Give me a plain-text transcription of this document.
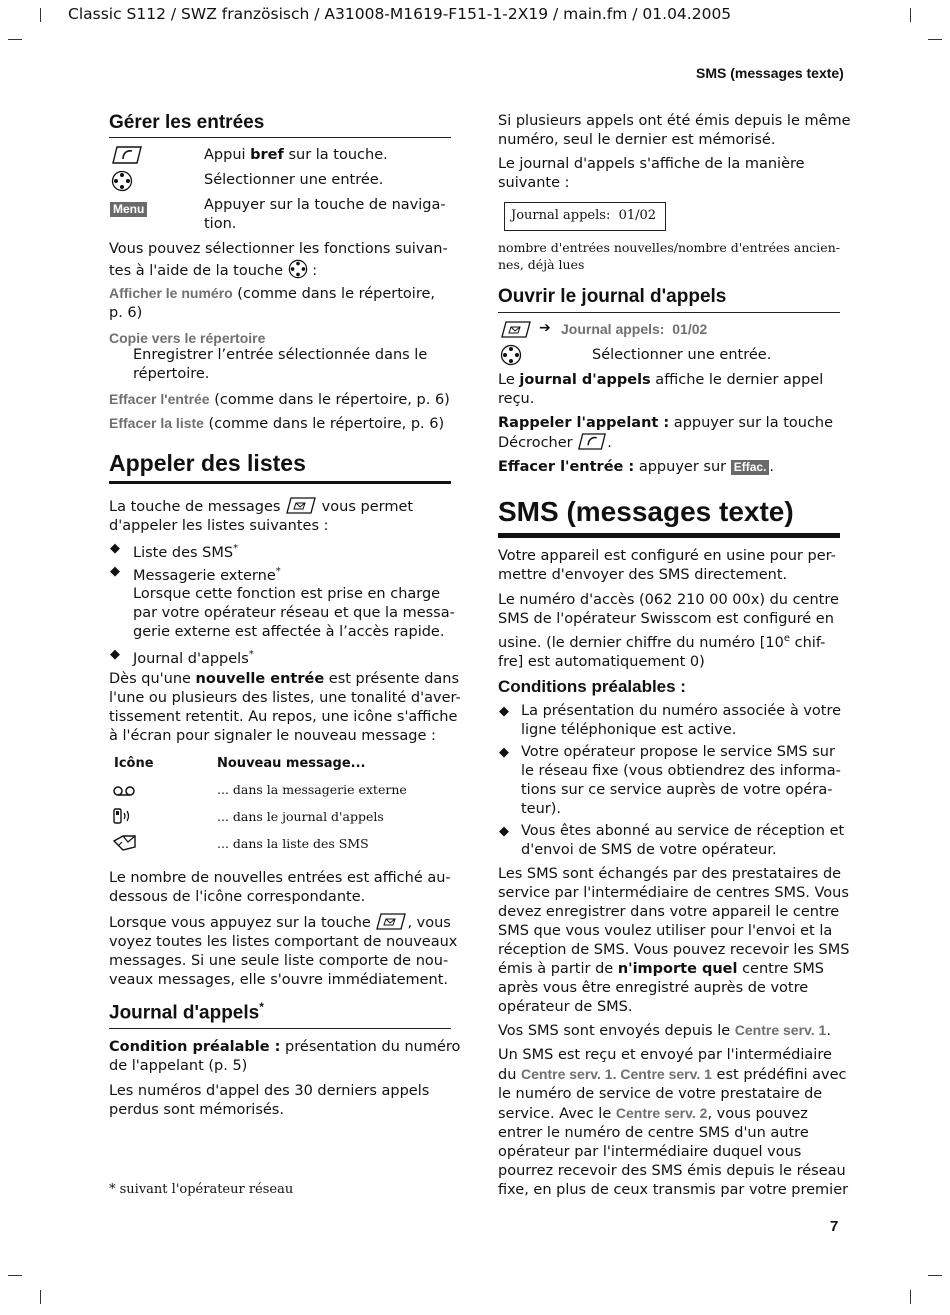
Classic S112 / SWZ französisch / A31008-M1619-F151-1-2X19 / main.fm / 01.04.2005
SMS (messages texte)
Gérer les entrées
Appui bref sur la touche.
Sélectionner une entrée.
Menu	Appuyer sur la touche de naviga-
tion.
Vous pouvez sélectionner les fonctions suivan-
tes à l'aide de la touche
:
Afficher le numéro (comme dans le répertoire,
p. 6)
Copie vers le répertoire
Enregistrer l’entrée sélectionnée dans le
répertoire.
Effacer l'entrée (comme dans le répertoire, p. 6)
Effacer la liste (comme dans le répertoire, p. 6)
Appeler des listes
La touche de messages
vous permet
d'appeler les listes suivantes :
◆ Liste des SMS*
◆ Messagerie externe*
Lorsque cette fonction est prise en charge
par votre opérateur réseau et que la messa-
gerie externe est affectée à l’accès rapide.
◆ Journal d'appels*
Dès qu'une nouvelle entrée est présente dans
l'une ou plusieurs des listes, une tonalité d'aver-
tissement retentit. Au repos, une icône s'affiche
à l'écran pour signaler le nouveau message :
Icône	Nouveau message...
... dans la messagerie externe
... dans le journal d'appels
... dans la liste des SMS
Le nombre de nouvelles entrées est affiché au-
dessous de l'icône correspondante.
Lorsque vous appuyez sur la touche
, vous
voyez toutes les listes comportant de nouveaux
messages. Si une seule liste comporte de nou-
veaux messages, elle s'ouvre immédiatement.
Journal d'appels*
Condition préalable : présentation du numéro
de l'appelant (p. 5)
Les numéros d'appel des 30 derniers appels
perdus sont mémorisés.
* suivant l'opérateur réseau
Si plusieurs appels ont été émis depuis le même
numéro, seul le dernier est mémorisé.
Le journal d'appels s'affiche de la manière
suivante :
Journal appels:  01/02
nombre d'entrées nouvelles/nombre d'entrées ancien-
nes, déjà lues
Ouvrir le journal d'appels
➔ Journal appels:  01/02
Sélectionner une entrée.
Le journal d'appels affiche le dernier appel
reçu.
Rappeler l'appelant : appuyer sur la touche
Décrocher
.
Effacer l'entrée : appuyer sur Effac. .
SMS (messages texte)
Votre appareil est configuré en usine pour per-
mettre d'envoyer des SMS directement.
Le numéro d'accès (062 210 00 00x) du centre
SMS de l'opérateur Swisscom est configuré en
usine. (le dernier chiffre du numéro [10e chif-
fre] est automatiquement 0)
Conditions préalables :
◆ La présentation du numéro associée à votre
ligne téléphonique est active.
◆ Votre opérateur propose le service SMS sur
le réseau fixe (vous obtiendrez des informa-
tions sur ce service auprès de votre opéra-
teur).
◆ Vous êtes abonné au service de réception et
d'envoi de SMS de votre opérateur.
Les SMS sont échangés par des prestataires de
service par l'intermédiaire de centres SMS. Vous
devez enregistrer dans votre appareil le centre
SMS que vous voulez utiliser pour l'envoi et la
réception de SMS. Vous pouvez recevoir les SMS
émis à partir de n'importe quel centre SMS
après vous être enregistré auprès de votre
opérateur de SMS.
Vos SMS sont envoyés depuis le Centre serv. 1.
Un SMS est reçu et envoyé par l'intermédiaire
du Centre serv. 1. Centre serv. 1 est prédéfini avec
le numéro de service de votre prestataire de
service. Avec le Centre serv. 2, vous pouvez
entrer le numéro de centre SMS d'un autre
opérateur par l'intermédiaire duquel vous
pourrez recevoir des SMS émis depuis le réseau
fixe, en plus de ceux transmis par votre premier
7
